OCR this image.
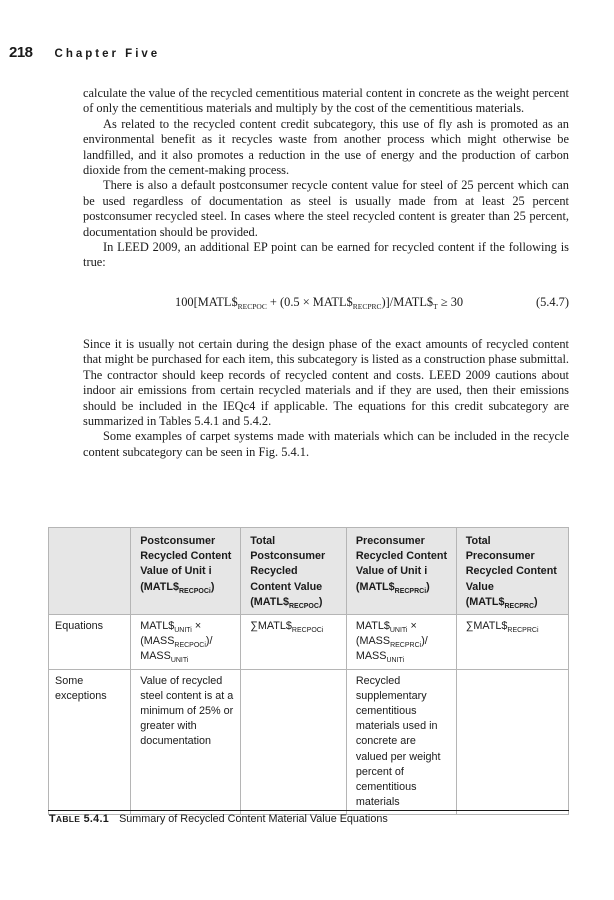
218 Chapter Five

calculate the value of the recycled cementitious material content in concrete as the weight percent of only the cementitious materials and multiply by the cost of the cementitious materials.

As related to the recycled content credit subcategory, this use of fly ash is promoted as an environmental benefit as it recycles waste from another process which might otherwise be landfilled, and it also promotes a reduction in the use of energy and the production of carbon dioxide from the cement-making process.

There is also a default postconsumer recycle content value for steel of 25 percent which can be used regardless of documentation as steel is usually made from at least 25 percent postconsumer recycled steel. In cases where the steel recycled content is greater than 25 percent, documentation should be provided.

In LEED 2009, an additional EP point can be earned for recycled content if the following is true:

$100[MATL\$_{RECPOC} + (0.5$ × $MATL\$_{RECPRC})]/MATL\$_T \ge 30$	(5.4.7)

Since it is usually not certain during the design phase of the exact amounts of recycled content that might be purchased for each item, this subcategory is listed as a construction phase submittal. The contractor should keep records of recycled content and costs. LEED 2009 cautions about indoor air emissions from certain recycled materials and if they are used, then their emissions should be included in the IEQc4 if applicable. The equations for this credit subcategory are summarized in Tables 5.4.1 and 5.4.2.

Some examples of carpet systems made with materials which can be included in the recycle content subcategory can be seen in Fig. 5.4.1.

	Postconsumer Recycled Content Value of Unit i $(MATL\$_{RECPOCi})$	Total Postconsumer Recycled Content Value $(MATL\$_{RECPOC})$	Preconsumer Recycled Content Value of Unit i $(MATL\$_{RECPRCi})$	Total Preconsumer Recycled Content Value $(MATL\$_{RECPRC})$
Equations	$MATL\$_{UNITi}$ × $(MASS_{RECPOCi})/$ $MASS_{UNITi}$	$\sum MATL\$_{RECPOCi}$	$MATL\$_{UNITi}$ × $(MASS_{RECPRCi})/$ $MASS_{UNITi}$	$\sum MATL\$_{RECPRCi}$
Some exceptions	Value of recycled steel content is at a minimum of 25% or greater with documentation		Recycled supplementary cementitious materials used in concrete are valued per weight percent of cementitious materials	
TABLE 5.4.1 Summary of Recycled Content Material Value Equations
